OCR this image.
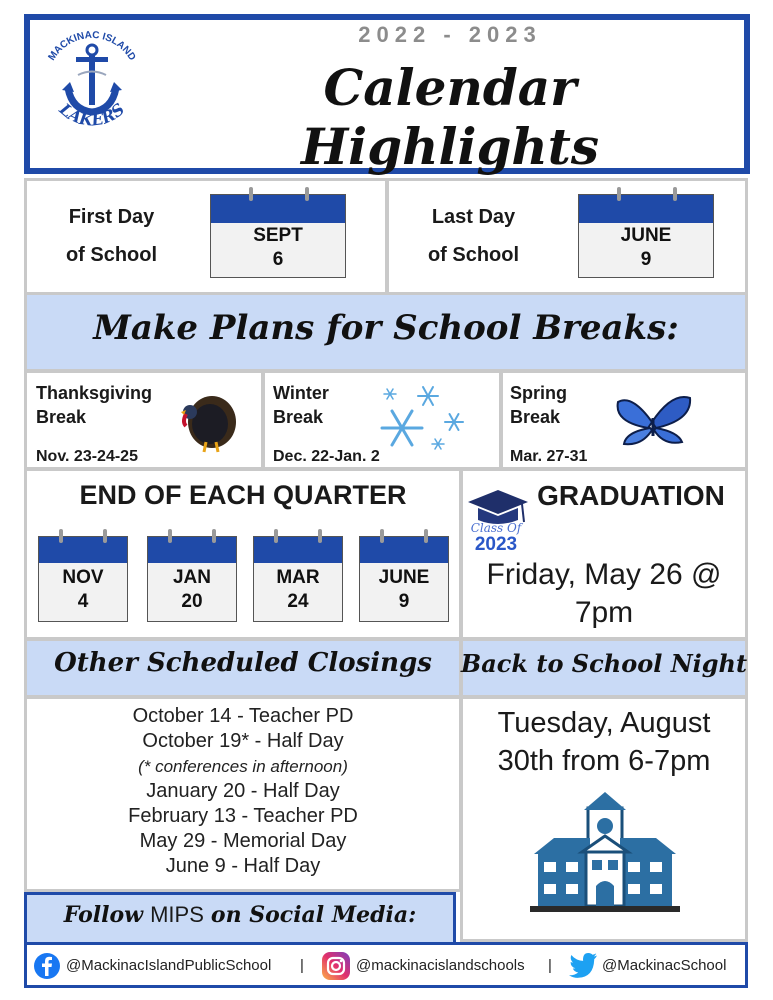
MACKINAC ISLAND
LAKERS
2022 - 2023
Calendar Highlights
First Day
of School
SEPT
6
Last Day
of School
JUNE
9
Make Plans for School Breaks:
Thanksgiving
Break
Nov. 23-24-25
Winter
Break
Dec. 22-Jan. 2
Spring
Break
Mar. 27-31
END OF EACH QUARTER
NOV
4
JAN
20
MAR
24
JUNE
9
Class Of
2023
GRADUATION
Friday, May 26 @
7pm
Other Scheduled Closings
October 14 - Teacher PD
October 19* - Half Day
(* conferences in afternoon)
January 20 - Half Day
February 13 - Teacher PD
May 29 - Memorial Day
June 9 - Half Day
Back to School Night
Tuesday, August
30th from 6-7pm
Follow MIPS on Social Media:
@MackinacIslandPublicSchool |	@mackinacislandschools |	@MackinacSchool
